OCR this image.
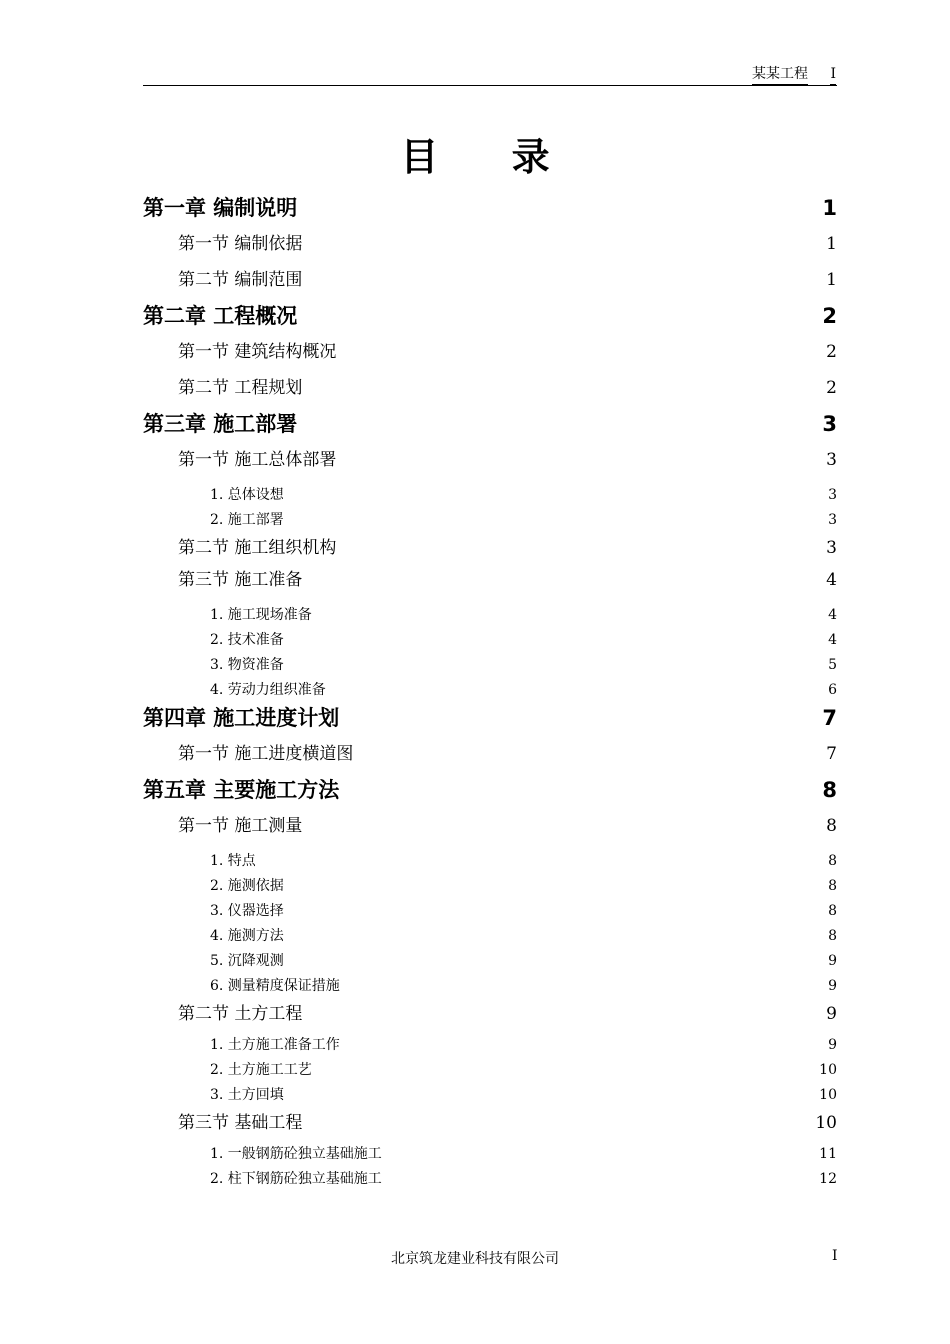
某某工程 I
目 录
第一章 编制说明	1
第一节 编制依据	1
第二节 编制范围	1
第二章 工程概况	2
第一节 建筑结构概况	2
第二节 工程规划	2
第三章 施工部署	3
第一节 施工总体部署	3
1. 总体设想	3
2. 施工部署	3
第二节 施工组织机构	3
第三节 施工准备	4
1. 施工现场准备	4
2. 技术准备	4
3. 物资准备	5
4. 劳动力组织准备	6
第四章 施工进度计划	7
第一节 施工进度横道图	7
第五章 主要施工方法	8
第一节 施工测量	8
1. 特点	8
2. 施测依据	8
3. 仪器选择	8
4. 施测方法	8
5. 沉降观测	9
6. 测量精度保证措施	9
第二节 土方工程	9
1. 土方施工准备工作	9
2. 土方施工工艺	10
3. 土方回填	10
第三节 基础工程	10
1. 一般钢筋砼独立基础施工	11
2. 柱下钢筋砼独立基础施工	12
北京筑龙建业科技有限公司	I
